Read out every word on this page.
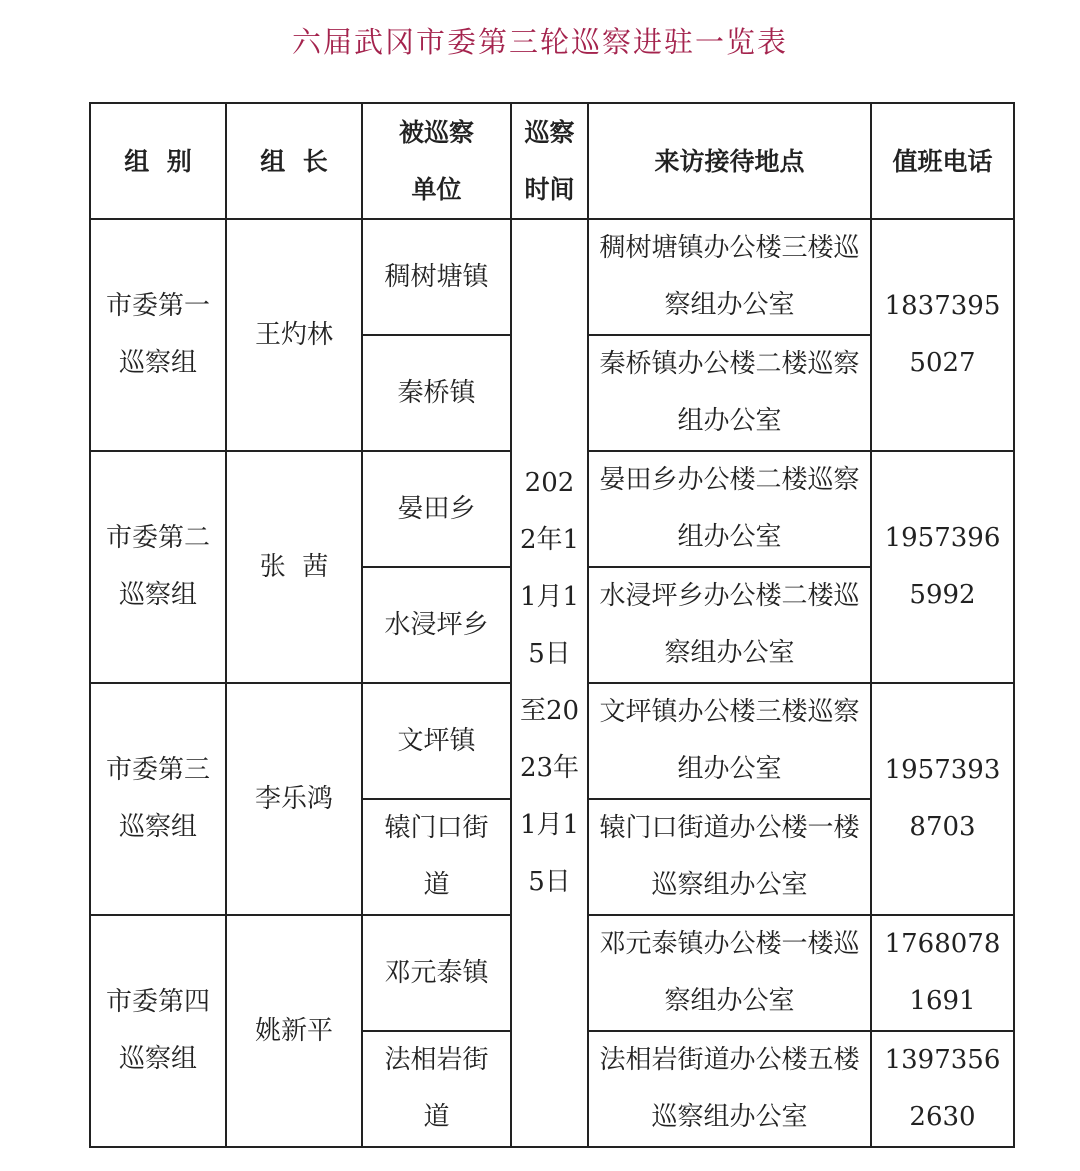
六届武冈市委第三轮巡察进驻一览表
组  别	组  长	被巡察单位	巡察时间	来访接待地点	值班电话
市委第一巡察组	王灼林	稠树塘镇	2022年11月15日至2023年1月15日	稠树塘镇办公楼三楼巡察组办公室	18373955027
		秦桥镇		秦桥镇办公楼二楼巡察组办公室	
市委第二巡察组	张  茜	晏田乡		晏田乡办公楼二楼巡察组办公室	19573965992
		水浸坪乡		水浸坪乡办公楼二楼巡察组办公室	
市委第三巡察组	李乐鸿	文坪镇		文坪镇办公楼三楼巡察组办公室	19573938703
		辕门口街道		辕门口街道办公楼一楼巡察组办公室	
市委第四巡察组	姚新平	邓元泰镇		邓元泰镇办公楼一楼巡察组办公室	17680781691
		法相岩街道		法相岩街道办公楼五楼巡察组办公室	13973562630
